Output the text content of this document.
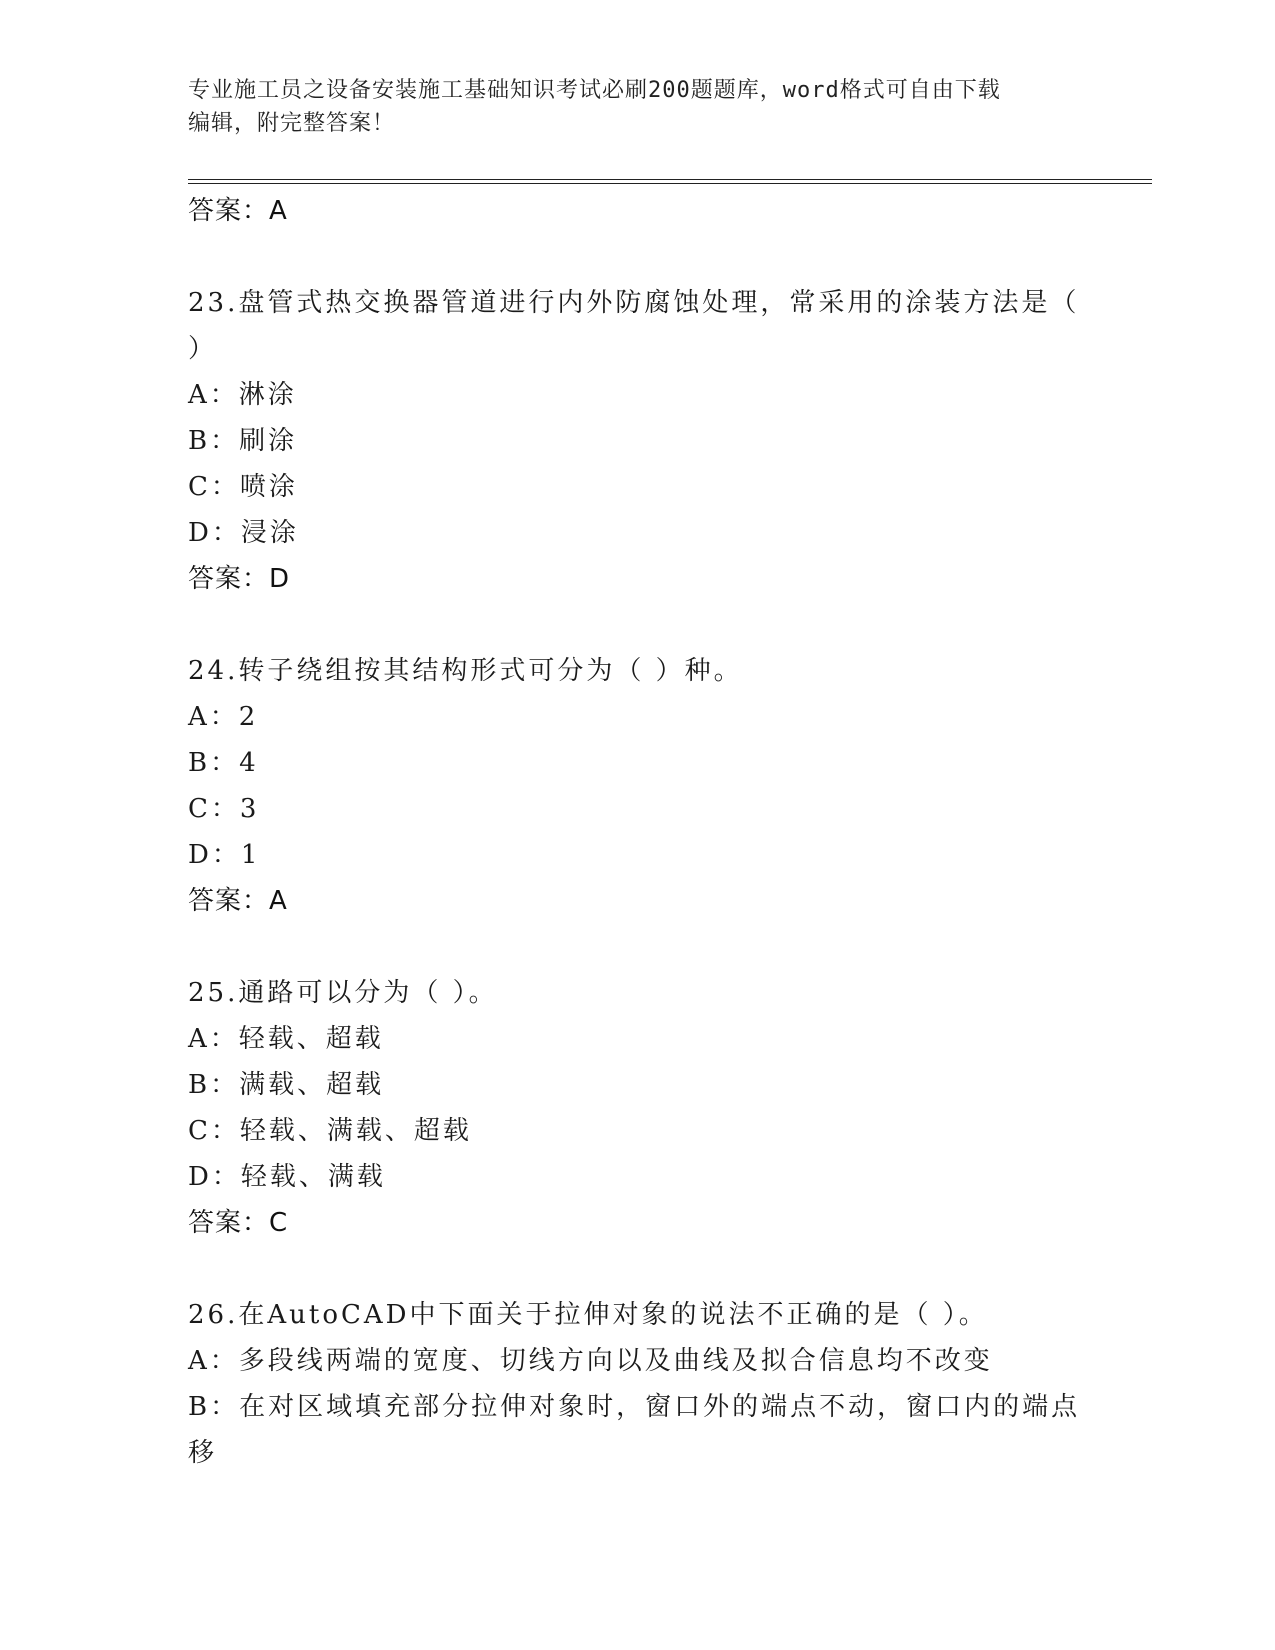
专业施工员之设备安装施工基础知识考试必刷200题题库，word格式可自由下载
编辑，附完整答案！
答案：A
23.盘管式热交换器管道进行内外防腐蚀处理，常采用的涂装方法是（
）
A：淋涂
B：刷涂
C：喷涂
D：浸涂
答案：D
24.转子绕组按其结构形式可分为（ ）种。
A：2
B：4
C：3
D：1
答案：A
25.通路可以分为（ ）。
A：轻载、超载
B：满载、超载
C：轻载、满载、超载
D：轻载、满载
答案：C
26.在AutoCAD中下面关于拉伸对象的说法不正确的是（ ）。
A：多段线两端的宽度、切线方向以及曲线及拟合信息均不改变
B：在对区域填充部分拉伸对象时，窗口外的端点不动，窗口内的端点
移
